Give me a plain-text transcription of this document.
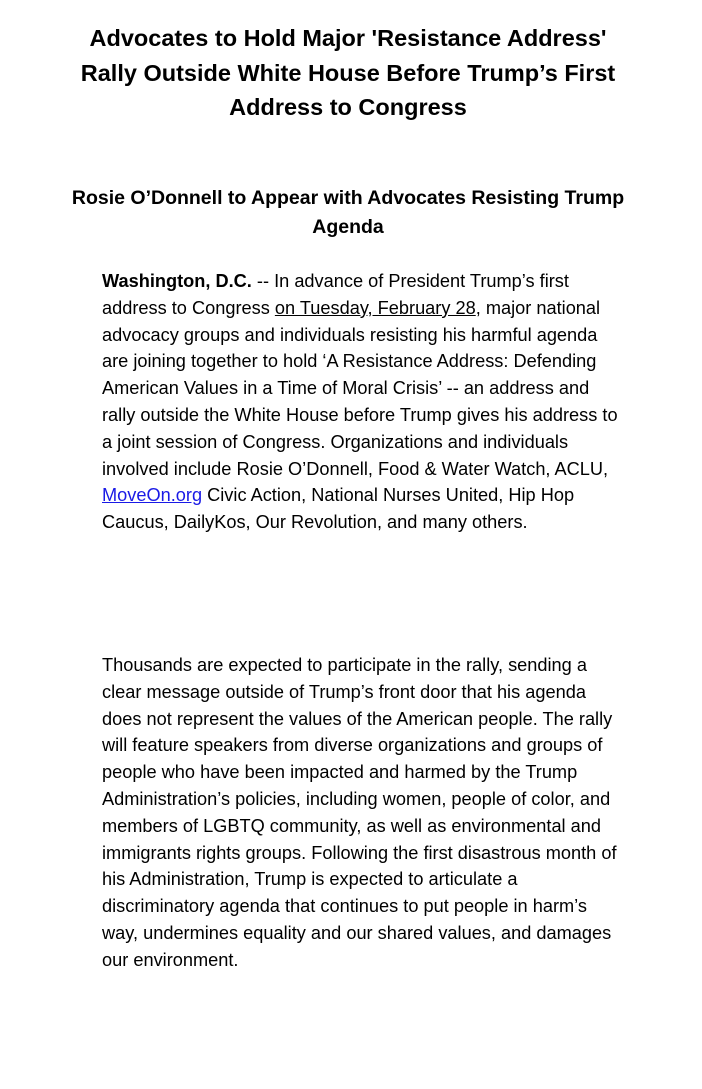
Advocates to Hold Major 'Resistance Address' Rally Outside White House Before Trump’s First Address to Congress
Rosie O’Donnell to Appear with Advocates Resisting Trump Agenda

Washington, D.C. -- In advance of President Trump’s first address to Congress on Tuesday, February 28, major national advocacy groups and individuals resisting his harmful agenda are joining together to hold ‘A Resistance Address: Defending American Values in a Time of Moral Crisis’ -- an address and rally outside the White House before Trump gives his address to a joint session of Congress. Organizations and individuals involved include Rosie O’Donnell, Food & Water Watch, ACLU, MoveOn.org Civic Action, National Nurses United, Hip Hop Caucus, DailyKos, Our Revolution, and many others.

Thousands are expected to participate in the rally, sending a clear message outside of Trump’s front door that his agenda does not represent the values of the American people. The rally will feature speakers from diverse organizations and groups of people who have been impacted and harmed by the Trump Administration’s policies, including women, people of color, and members of LGBTQ community, as well as environmental and immigrants rights groups. Following the first disastrous month of his Administration, Trump is expected to articulate a discriminatory agenda that continues to put people in harm’s way, undermines equality and our shared values, and damages our environment.
